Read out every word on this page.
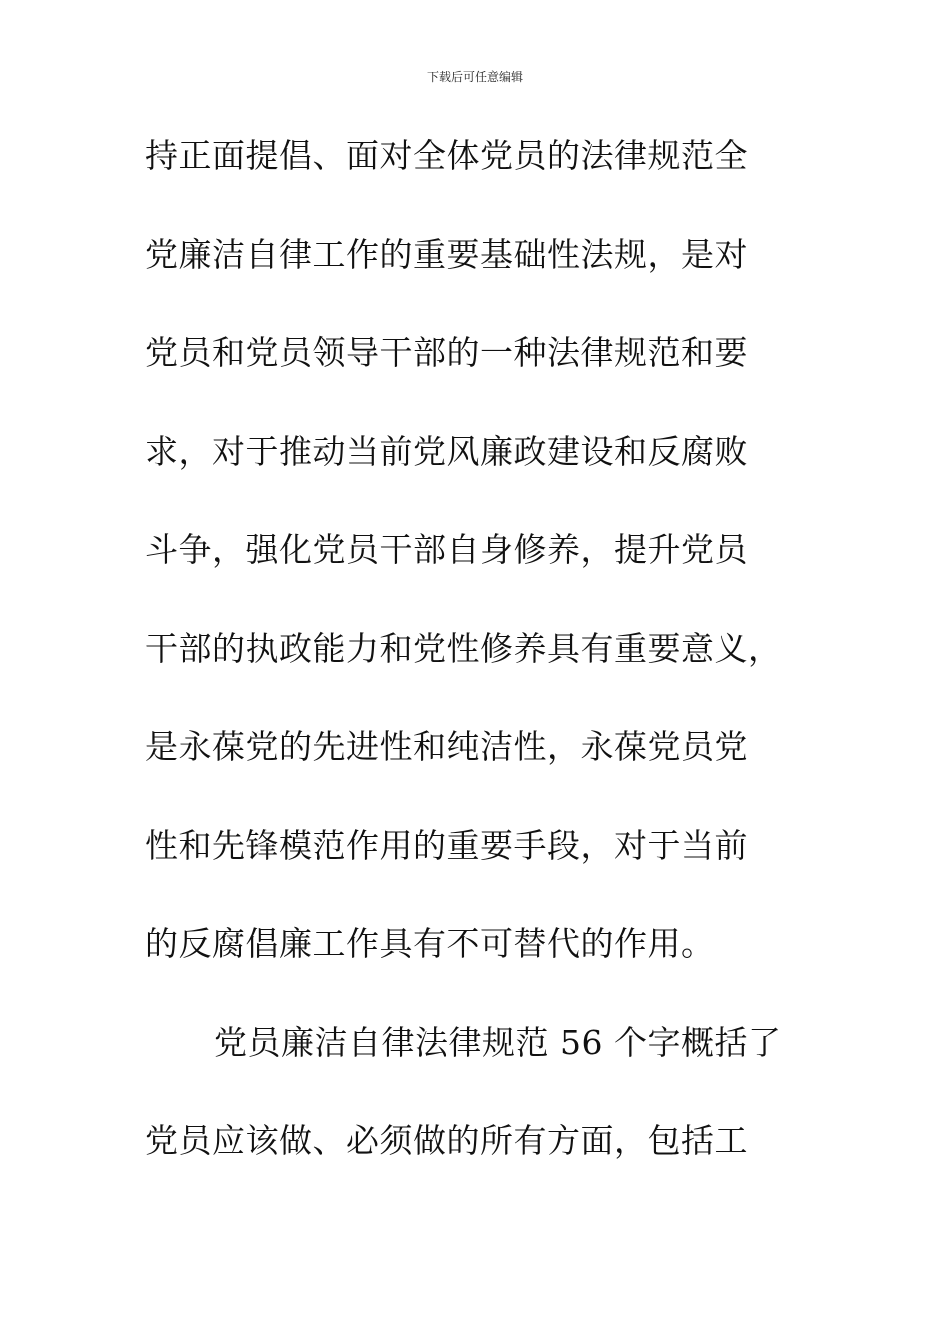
下载后可任意编辑
持正面提倡、面对全体党员的法律规范全
党廉洁自律工作的重要基础性法规，是对
党员和党员领导干部的一种法律规范和要
求，对于推动当前党风廉政建设和反腐败
斗争，强化党员干部自身修养，提升党员
干部的执政能力和党性修养具有重要意义，
是永葆党的先进性和纯洁性，永葆党员党
性和先锋模范作用的重要手段，对于当前
的反腐倡廉工作具有不可替代的作用。
党员廉洁自律法律规范 56 个字概括了
党员应该做、必须做的所有方面，包括工
